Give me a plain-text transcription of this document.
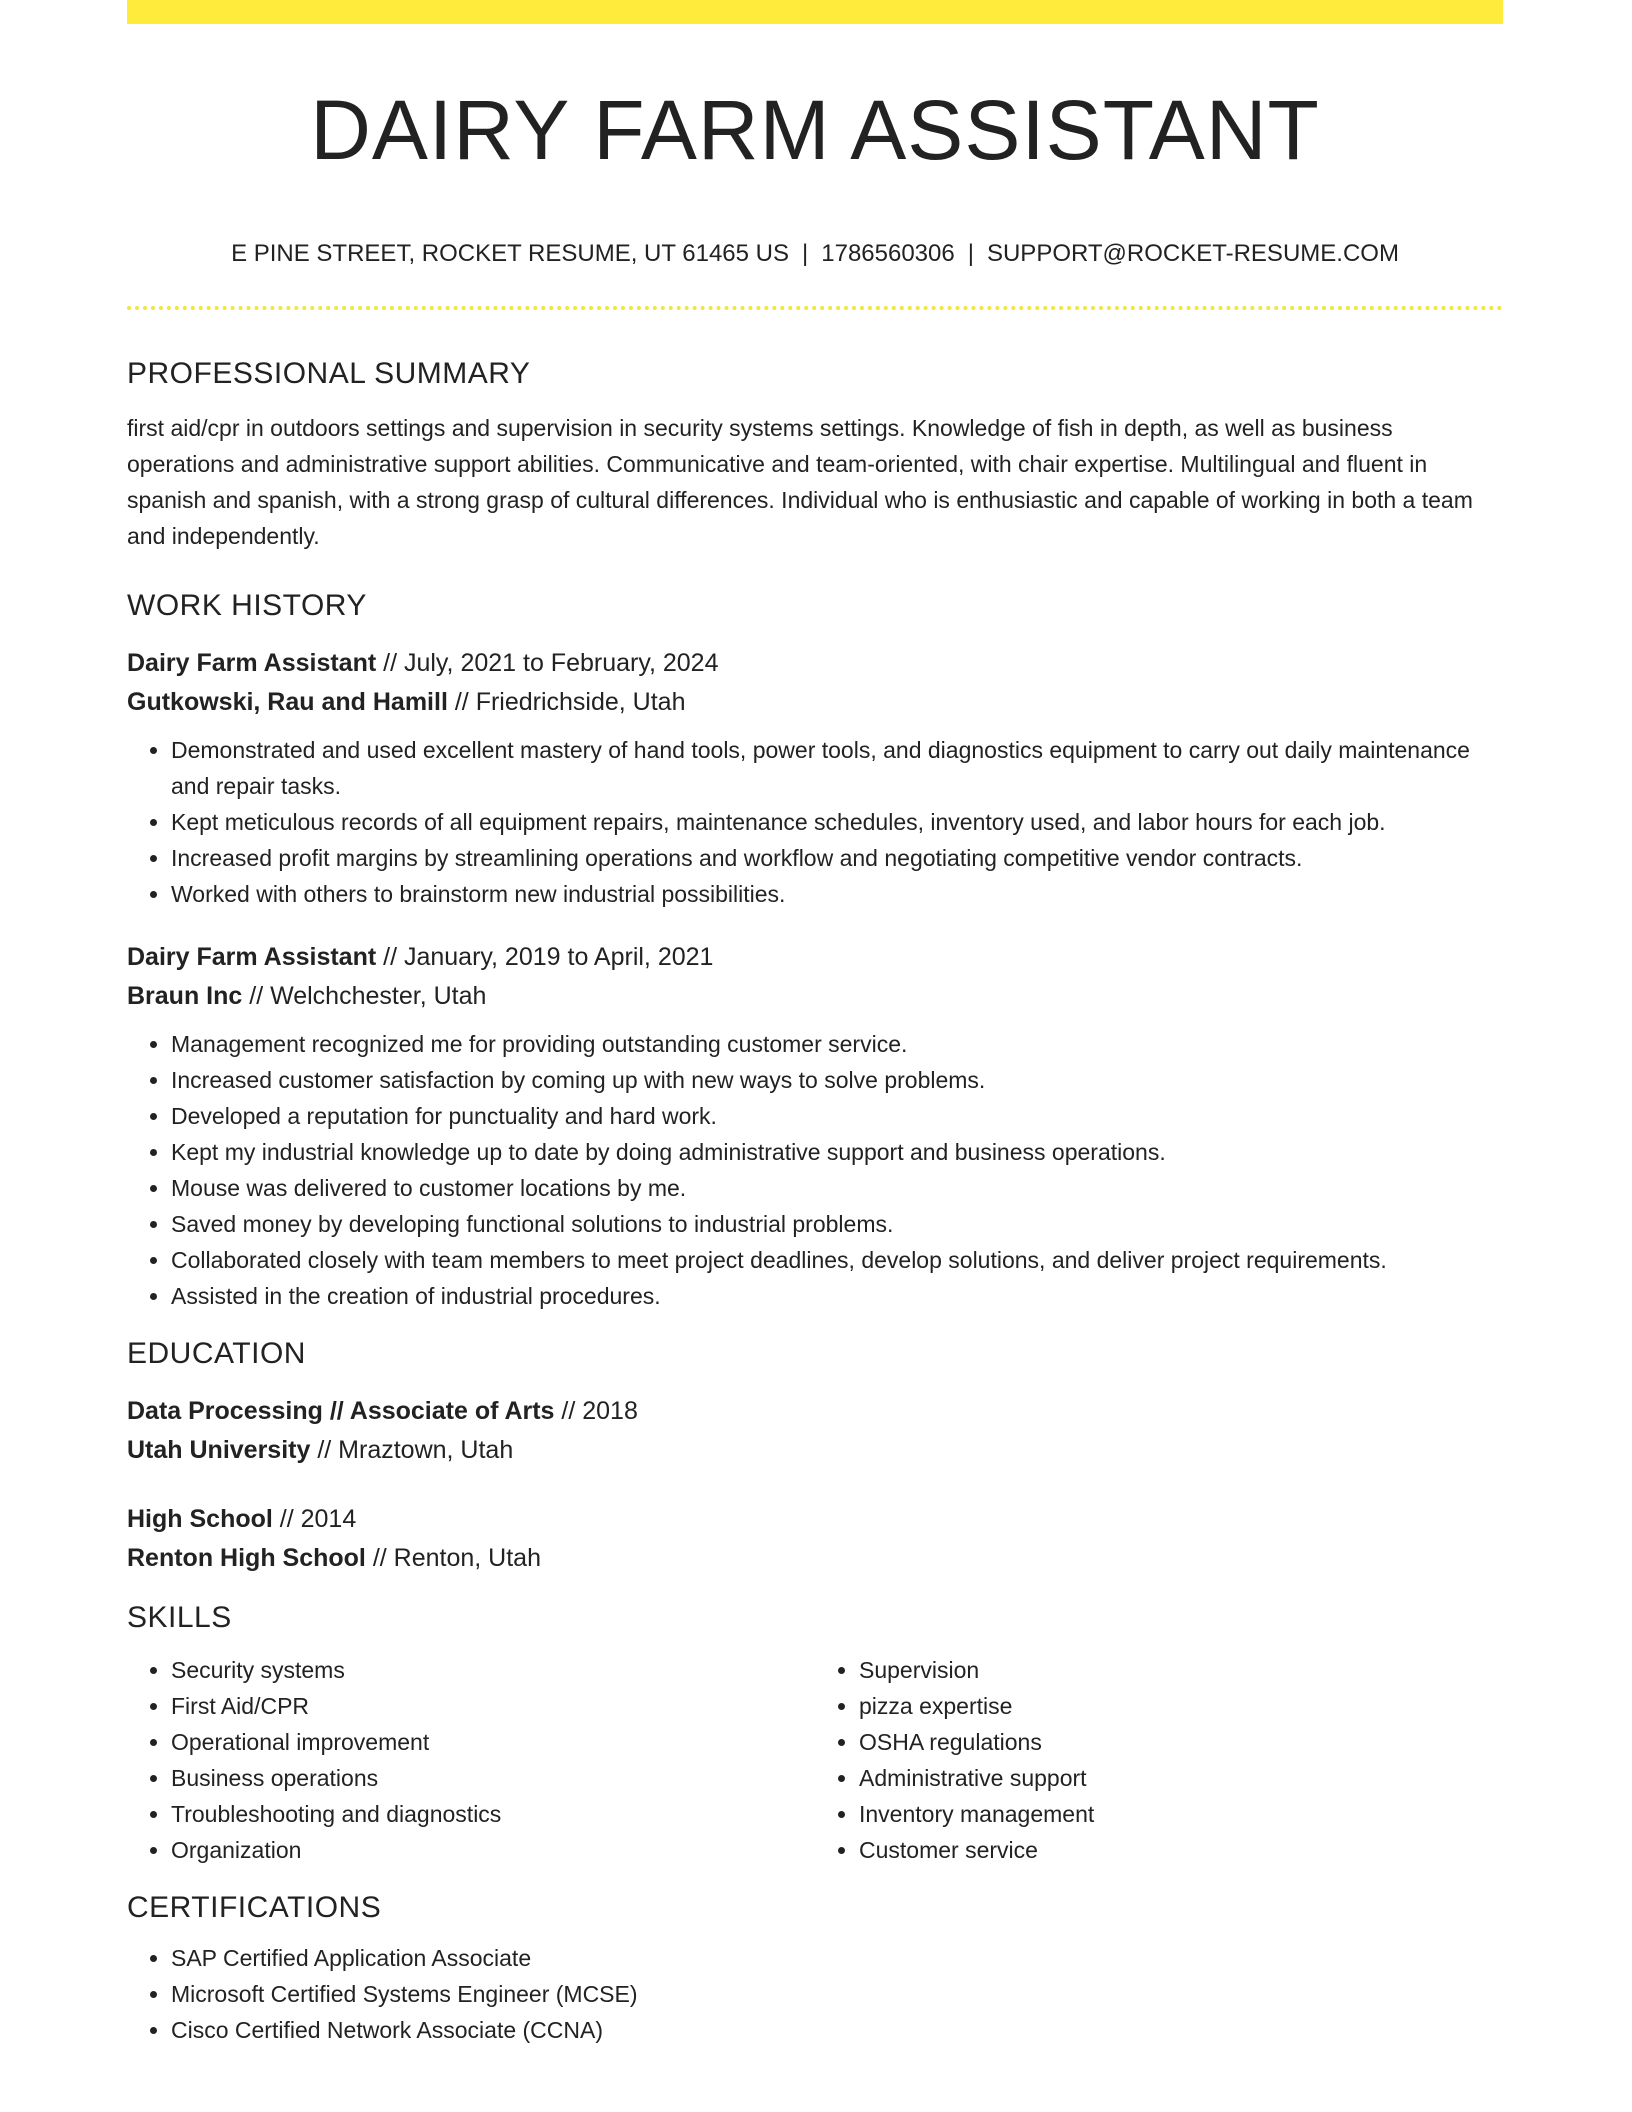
DAIRY FARM ASSISTANT
E PINE STREET, ROCKET RESUME, UT 61465 US | 1786560306 | SUPPORT@ROCKET-RESUME.COM
PROFESSIONAL SUMMARY

first aid/cpr in outdoors settings and supervision in security systems settings. Knowledge of fish in depth, as well as business operations and administrative support abilities. Communicative and team-oriented, with chair expertise. Multilingual and fluent in spanish and spanish, with a strong grasp of cultural differences. Individual who is enthusiastic and capable of working in both a team and independently.

WORK HISTORY
Dairy Farm Assistant // July, 2021 to February, 2024
Gutkowski, Rau and Hamill // Friedrichside, Utah
• Demonstrated and used excellent mastery of hand tools, power tools, and diagnostics equipment to carry out daily maintenance and repair tasks.
• Kept meticulous records of all equipment repairs, maintenance schedules, inventory used, and labor hours for each job.
• Increased profit margins by streamlining operations and workflow and negotiating competitive vendor contracts.
• Worked with others to brainstorm new industrial possibilities.
Dairy Farm Assistant // January, 2019 to April, 2021
Braun Inc // Welchchester, Utah
• Management recognized me for providing outstanding customer service.
• Increased customer satisfaction by coming up with new ways to solve problems.
• Developed a reputation for punctuality and hard work.
• Kept my industrial knowledge up to date by doing administrative support and business operations.
• Mouse was delivered to customer locations by me.
• Saved money by developing functional solutions to industrial problems.
• Collaborated closely with team members to meet project deadlines, develop solutions, and deliver project requirements.
• Assisted in the creation of industrial procedures.
EDUCATION
Data Processing // Associate of Arts // 2018
Utah University // Mraztown, Utah
High School // 2014
Renton High School // Renton, Utah
SKILLS
• Security systems
• First Aid/CPR
• Operational improvement
• Business operations
• Troubleshooting and diagnostics
• Organization
• Supervision
• pizza expertise
• OSHA regulations
• Administrative support
• Inventory management
• Customer service
CERTIFICATIONS
• SAP Certified Application Associate
• Microsoft Certified Systems Engineer (MCSE)
• Cisco Certified Network Associate (CCNA)
